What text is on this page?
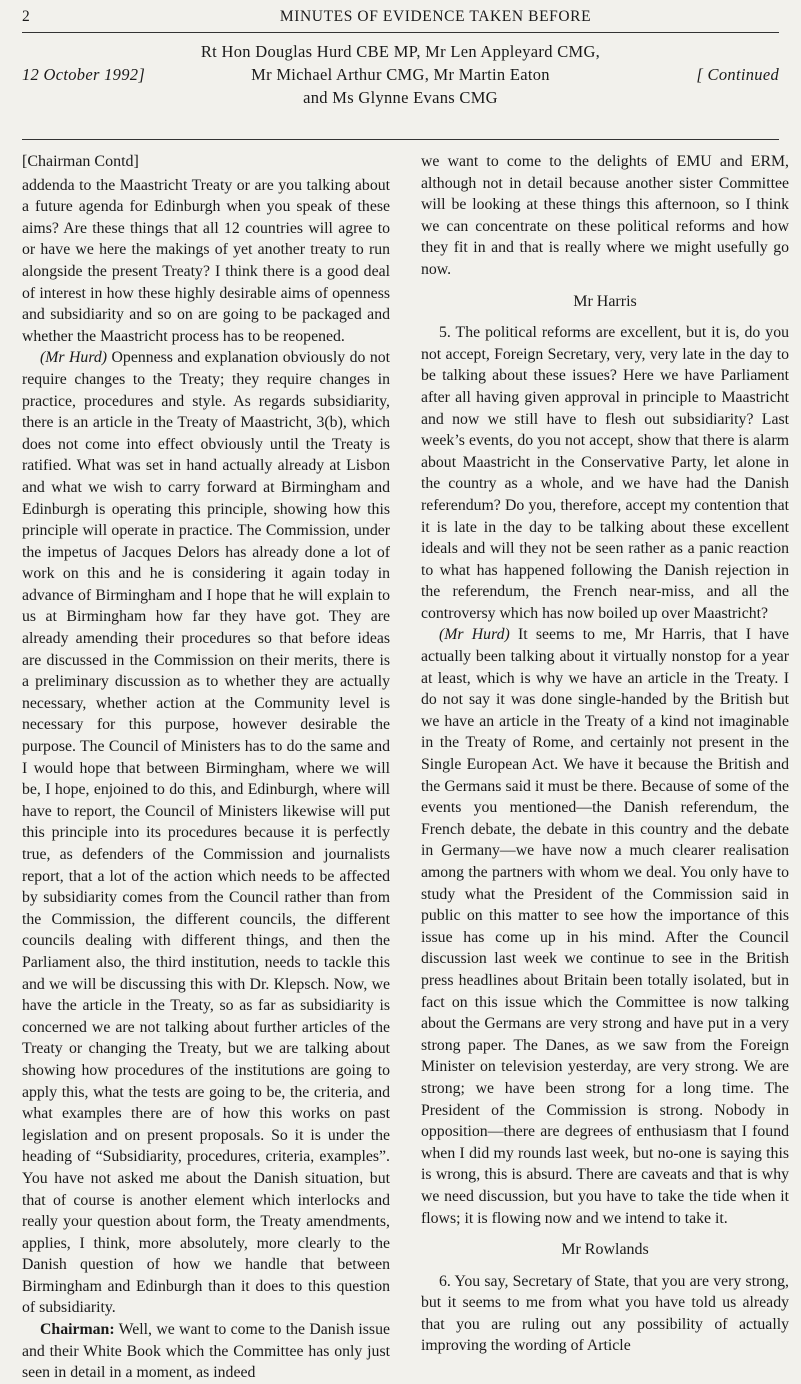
2	MINUTES OF EVIDENCE TAKEN BEFORE
Rt Hon Douglas Hurd CBE MP, Mr Len Appleyard CMG,
Mr Michael Arthur CMG, Mr Martin Eaton
and Ms Glynne Evans CMG
12 October 1992]	[ Continued
[Chairman Contd]

addenda to the Maastricht Treaty or are you talking about a future agenda for Edinburgh when you speak of these aims? Are these things that all 12 countries will agree to or have we here the makings of yet another treaty to run alongside the present Treaty? I think there is a good deal of interest in how these highly desirable aims of openness and subsidiarity and so on are going to be packaged and whether the Maastricht process has to be reopened.

(Mr Hurd) Openness and explanation obviously do not require changes to the Treaty; they require changes in practice, procedures and style. As regards subsidiarity, there is an article in the Treaty of Maastricht, 3(b), which does not come into effect obviously until the Treaty is ratified. What was set in hand actually already at Lisbon and what we wish to carry forward at Birmingham and Edinburgh is operating this principle, showing how this principle will operate in practice. The Commission, under the impetus of Jacques Delors has already done a lot of work on this and he is considering it again today in advance of Birmingham and I hope that he will explain to us at Birmingham how far they have got. They are already amending their procedures so that before ideas are discussed in the Commission on their merits, there is a preliminary discussion as to whether they are actually necessary, whether action at the Community level is necessary for this purpose, however desirable the purpose. The Council of Ministers has to do the same and I would hope that between Birmingham, where we will be, I hope, enjoined to do this, and Edinburgh, where will have to report, the Council of Ministers likewise will put this principle into its procedures because it is perfectly true, as defenders of the Commission and journalists report, that a lot of the action which needs to be affected by subsidiarity comes from the Council rather than from the Commission, the different councils, the different councils dealing with different things, and then the Parliament also, the third institution, needs to tackle this and we will be discussing this with Dr. Klepsch. Now, we have the article in the Treaty, so as far as subsidiarity is concerned we are not talking about further articles of the Treaty or changing the Treaty, but we are talking about showing how procedures of the institutions are going to apply this, what the tests are going to be, the criteria, and what examples there are of how this works on past legislation and on present proposals. So it is under the heading of “Subsidiarity, procedures, criteria, examples”. You have not asked me about the Danish situation, but that of course is another element which interlocks and really your question about form, the Treaty amendments, applies, I think, more absolutely, more clearly to the Danish question of how we handle that between Birmingham and Edinburgh than it does to this question of subsidiarity.

Chairman: Well, we want to come to the Danish issue and their White Book which the Committee has only just seen in detail in a moment, as indeed

we want to come to the delights of EMU and ERM, although not in detail because another sister Committee will be looking at these things this afternoon, so I think we can concentrate on these political reforms and how they fit in and that is really where we might usefully go now.

Mr Harris

5. The political reforms are excellent, but it is, do you not accept, Foreign Secretary, very, very late in the day to be talking about these issues? Here we have Parliament after all having given approval in principle to Maastricht and now we still have to flesh out subsidiarity? Last week’s events, do you not accept, show that there is alarm about Maastricht in the Conservative Party, let alone in the country as a whole, and we have had the Danish referendum? Do you, therefore, accept my contention that it is late in the day to be talking about these excellent ideals and will they not be seen rather as a panic reaction to what has happened following the Danish rejection in the referendum, the French near-miss, and all the controversy which has now boiled up over Maastricht?

(Mr Hurd) It seems to me, Mr Harris, that I have actually been talking about it virtually nonstop for a year at least, which is why we have an article in the Treaty. I do not say it was done single-handed by the British but we have an article in the Treaty of a kind not imaginable in the Treaty of Rome, and certainly not present in the Single European Act. We have it because the British and the Germans said it must be there. Because of some of the events you mentioned—the Danish referendum, the French debate, the debate in this country and the debate in Germany—we have now a much clearer realisation among the partners with whom we deal. You only have to study what the President of the Commission said in public on this matter to see how the importance of this issue has come up in his mind. After the Council discussion last week we continue to see in the British press headlines about Britain been totally isolated, but in fact on this issue which the Committee is now talking about the Germans are very strong and have put in a very strong paper. The Danes, as we saw from the Foreign Minister on television yesterday, are very strong. We are strong; we have been strong for a long time. The President of the Commission is strong. Nobody in opposition—there are degrees of enthusiasm that I found when I did my rounds last week, but no-one is saying this is wrong, this is absurd. There are caveats and that is why we need discussion, but you have to take the tide when it flows; it is flowing now and we intend to take it.

Mr Rowlands

6. You say, Secretary of State, that you are very strong, but it seems to me from what you have told us already that you are ruling out any possibility of actually improving the wording of Article
